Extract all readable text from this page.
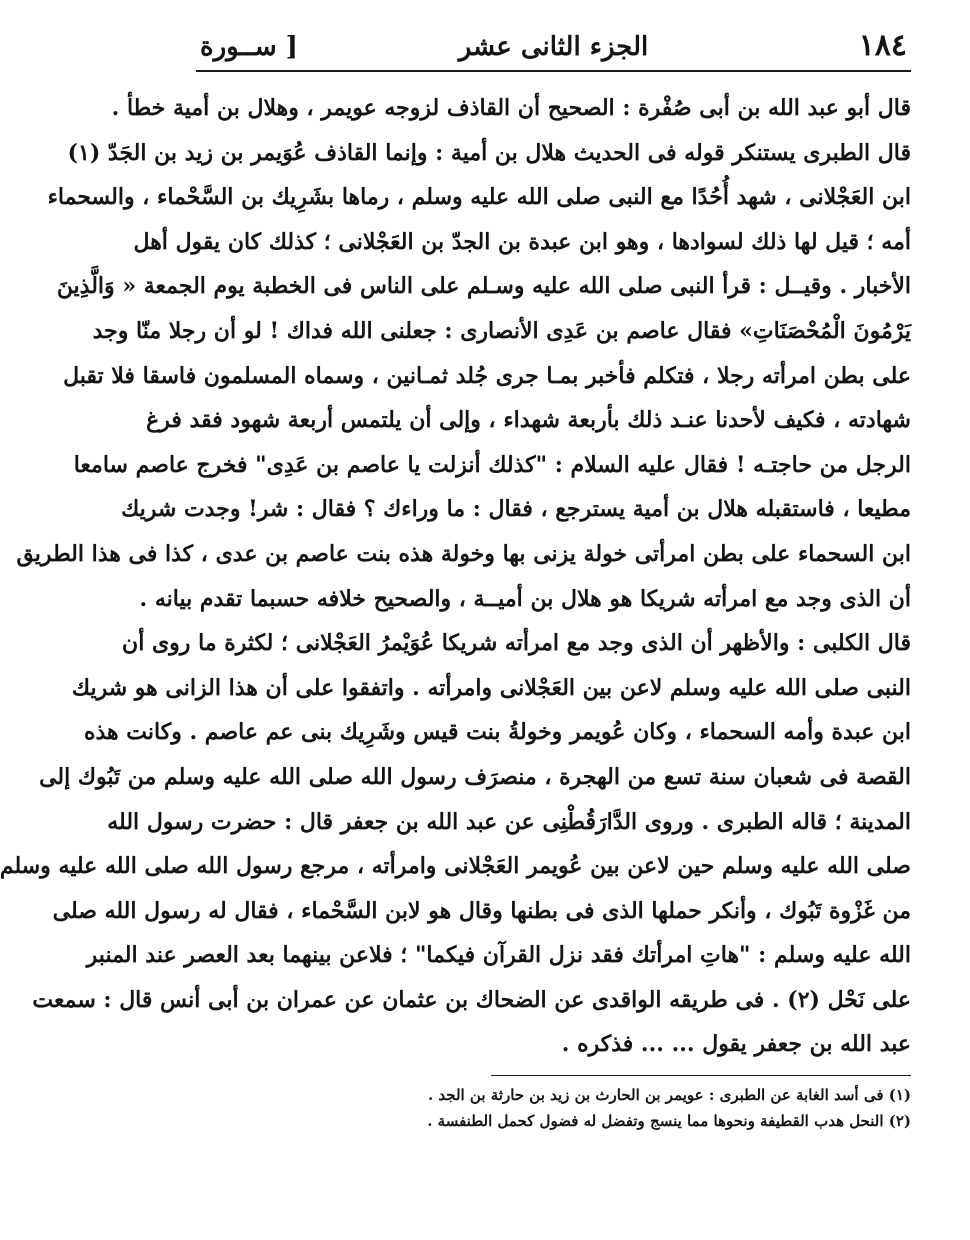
١٨٤
الجزء الثانى عشر
[ ســورة
قال أبو عبد الله بن أبى صُفْرة : الصحيح أن القاذف لزوجه عويمر ، وهلال بن أمية خطأ .
قال الطبرى يستنكر قوله فى الحديث هلال بن أمية : وإنما القاذف عُوَيمر بن زيد بن الجَدّ (١)
ابن العَجْلانى ، شهد أُحُدًا مع النبى صلى الله عليه وسلم ، رماها بشَرِيك بن السَّحْماء ، والسحماء
أمه ؛ قيل لها ذلك لسوادها ، وهو ابن عبدة بن الجدّ بن العَجْلانى ؛ كذلك كان يقول أهل
الأخبار . وقيــل : قرأ النبى صلى الله عليه وسـلم على الناس فى الخطبة يوم الجمعة « وَالَّذِينَ
يَرْمُونَ الْمُحْصَنَاتِ» فقال عاصم بن عَدِى الأنصارى : جعلنى الله فداك ! لو أن رجلا منّا وجد
على بطن امرأته رجلا ، فتكلم فأخبر بمـا جرى جُلد ثمـانين ، وسماه المسلمون فاسقا فلا تقبل
شهادته ، فكيف لأحدنا عنـد ذلك بأربعة شهداء ، وإلى أن يلتمس أربعة شهود فقد فرغ
الرجل من حاجتـه ! فقال عليه السلام : "كذلك أنزلت يا عاصم بن عَدِى" فخرج عاصم سامعا
مطيعا ، فاستقبله هلال بن أمية يسترجع ، فقال : ما وراءك ؟ فقال : شر! وجدت شريك
ابن السحماء على بطن امرأتى خولة يزنى بها وخولة هذه بنت عاصم بن عدى ، كذا فى هذا الطريق
أن الذى وجد مع امرأته شريكا هو هلال بن أميــة ، والصحيح خلافه حسبما تقدم بيانه .
قال الكلبى : والأظهر أن الذى وجد مع امرأته شريكا عُوَيْمرُ العَجْلانى ؛ لكثرة ما روى أن
النبى صلى الله عليه وسلم لاعن بين العَجْلانى وامرأته . واتفقوا على أن هذا الزانى هو شريك
ابن عبدة وأمه السحماء ، وكان عُويمر وخولةُ بنت قيس وشَرِيك بنى عم عاصم . وكانت هذه
القصة فى شعبان سنة تسع من الهجرة ، منصرَف رسول الله صلى الله عليه وسلم من تَبُوك إلى
المدينة ؛ قاله الطبرى . وروى الدَّارَقُطْنِى عن عبد الله بن جعفر قال : حضرت رسول الله
صلى الله عليه وسلم حين لاعن بين عُويمر العَجْلانى وامرأته ، مرجع رسول الله صلى الله عليه وسلم
من غَزْوة تَبُوك ، وأنكر حملها الذى فى بطنها وقال هو لابن السَّحْماء ، فقال له رسول الله صلى
الله عليه وسلم : "هاتِ امرأتك فقد نزل القرآن فيكما" ؛ فلاعن بينهما بعد العصر عند المنبر
على نَحْل (٢) . فى طريقه الواقدى عن الضحاك بن عثمان عن عمران بن أبى أنس قال : سمعت
عبد الله بن جعفر يقول ... ... فذكره .
(١) فى أسد الغابة عن الطبرى : عويمر بن الحارث بن زيد بن حارثة بن الجد .
(٢) النحل هدب القطيفة ونحوها مما ينسج وتفضل له فضول كحمل الطنفسة .
